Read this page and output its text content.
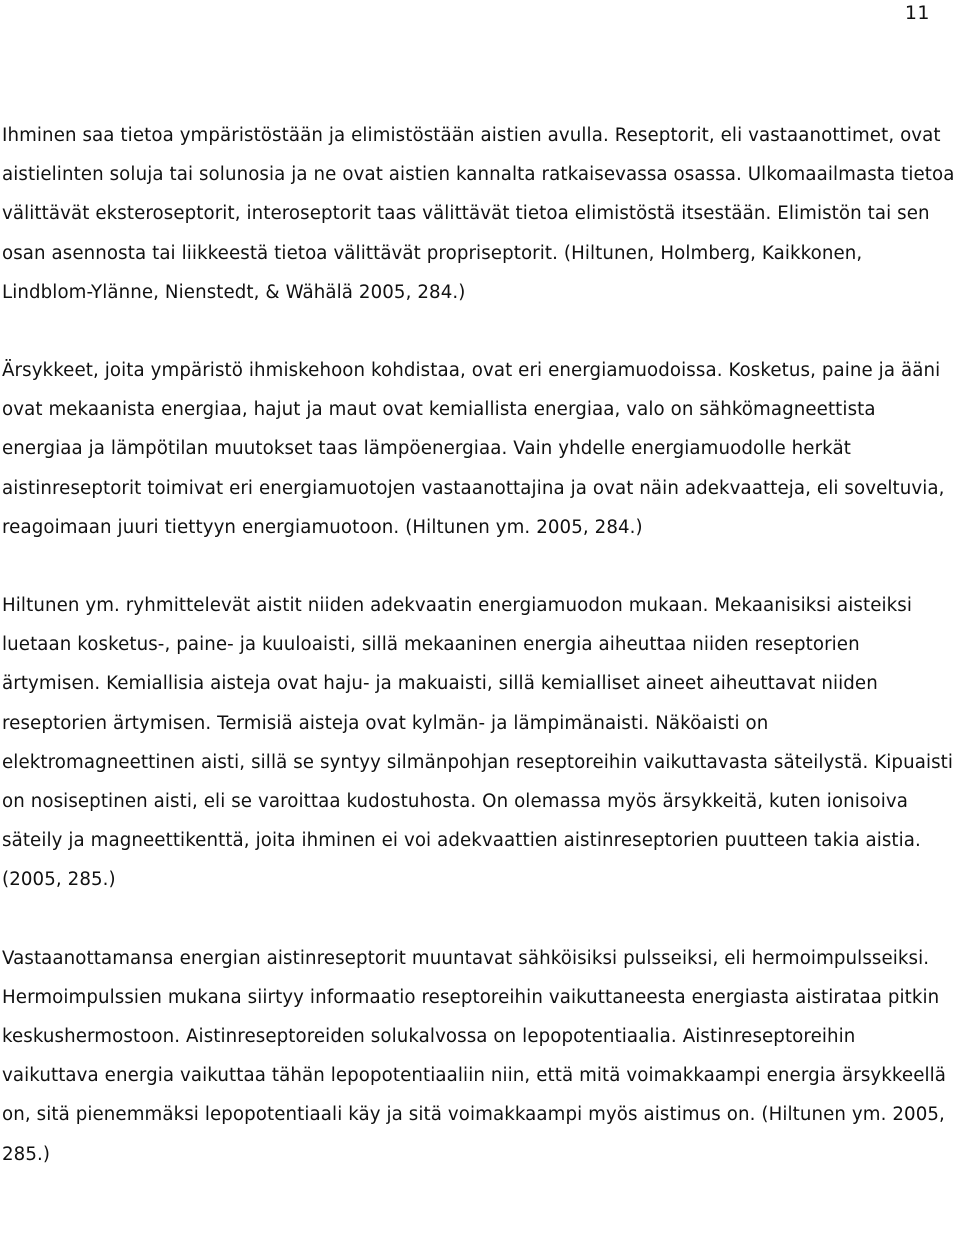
11

Ihminen saa tietoa ympäristöstään ja elimistöstään aistien avulla. Reseptorit, eli vastaanottimet, ovat aistielinten soluja tai solunosia ja ne ovat aistien kannalta ratkaisevassa osassa. Ulkomaailmasta tietoa välittävät eksteroseptorit, interoseptorit taas välittävät tietoa elimistöstä itsestään. Elimistön tai sen osan asennosta tai liikkeestä tietoa välittävät propriseptorit. (Hiltunen, Holmberg, Kaikkonen, Lindblom-Ylänne, Nienstedt, & Wähälä 2005, 284.)

Ärsykkeet, joita ympäristö ihmiskehoon kohdistaa, ovat eri energiamuodoissa. Kosketus, paine ja ääni ovat mekaanista energiaa, hajut ja maut ovat kemiallista energiaa, valo on sähkömagneettista energiaa ja lämpötilan muutokset taas lämpöenergiaa. Vain yhdelle energiamuodolle herkät aistinreseptorit toimivat eri energiamuotojen vastaanottajina ja ovat näin adekvaatteja, eli soveltuvia, reagoimaan juuri tiettyyn energiamuotoon. (Hiltunen ym. 2005, 284.)

Hiltunen ym. ryhmittelevät aistit niiden adekvaatin energiamuodon mukaan. Mekaanisiksi aisteiksi luetaan kosketus-, paine- ja kuuloaisti, sillä mekaaninen energia aiheuttaa niiden reseptorien ärtymisen. Kemiallisia aisteja ovat haju- ja makuaisti, sillä kemialliset aineet aiheuttavat niiden reseptorien ärtymisen. Termisiä aisteja ovat kylmän- ja lämpimänaisti. Näköaisti on elektromagneettinen aisti, sillä se syntyy silmänpohjan reseptoreihin vaikuttavasta säteilystä. Kipuaisti on nosiseptinen aisti, eli se varoittaa kudostuhosta. On olemassa myös ärsykkeitä, kuten ionisoiva säteily ja magneettikenttä, joita ihminen ei voi adekvaattien aistinreseptorien puutteen takia aistia. (2005, 285.)

Vastaanottamansa energian aistinreseptorit muuntavat sähköisiksi pulsseiksi, eli hermoimpulsseiksi. Hermoimpulssien mukana siirtyy informaatio reseptoreihin vaikuttaneesta energiasta aistirataa pitkin keskushermostoon. Aistinreseptoreiden solukalvossa on lepopotentiaalia. Aistinreseptoreihin vaikuttava energia vaikuttaa tähän lepopotentiaaliin niin, että mitä voimakkaampi energia ärsykkeellä on, sitä pienemmäksi lepopotentiaali käy ja sitä voimakkaampi myös aistimus on. (Hiltunen ym. 2005, 285.)
